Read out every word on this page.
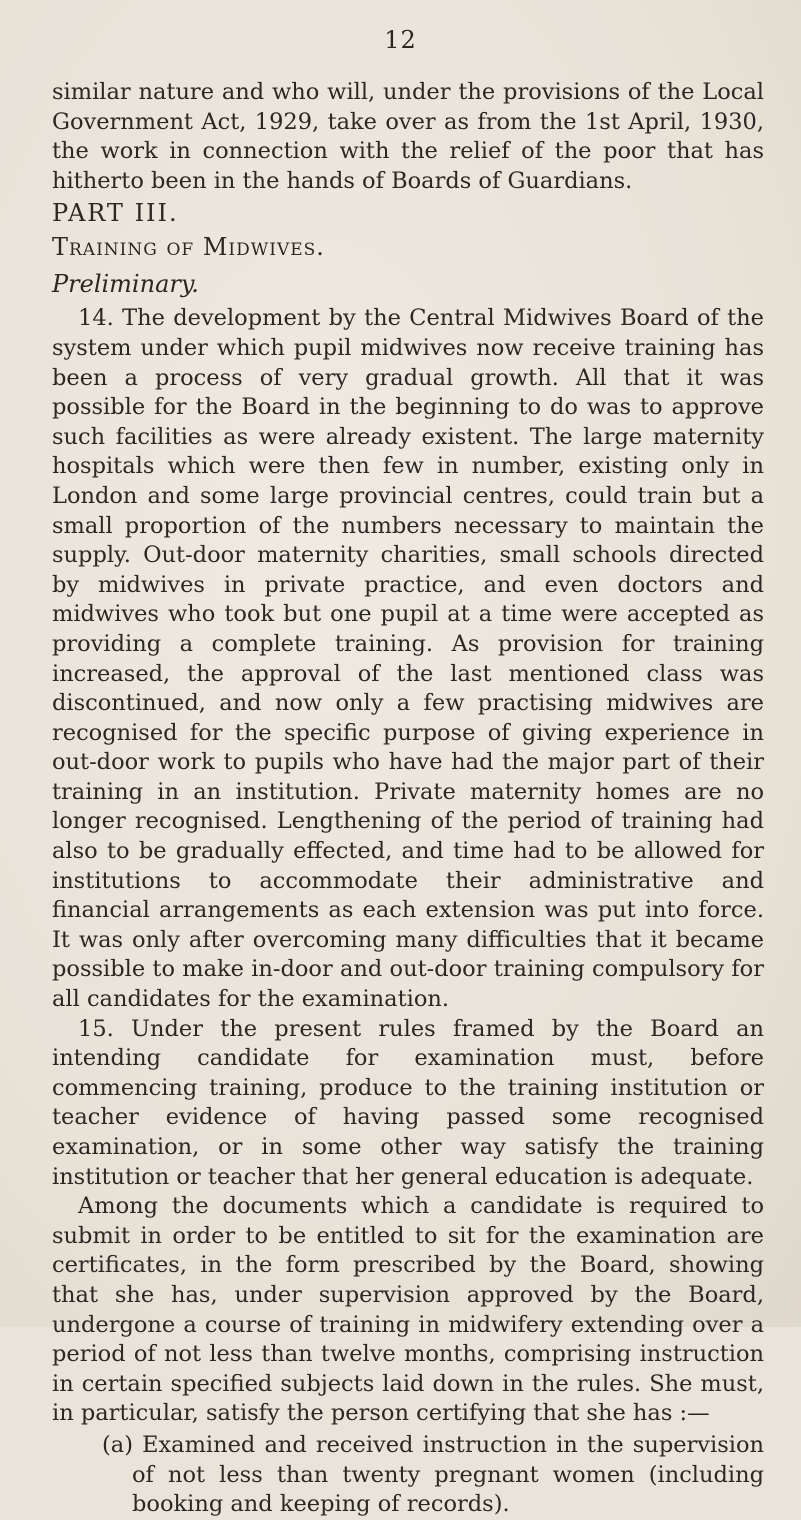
12

similar nature and who will, under the provisions of the Local Government Act, 1929, take over as from the 1st April, 1930, the work in connection with the relief of the poor that has hitherto been in the hands of Boards of Guardians.

PART III.

Training of Midwives.

Preliminary.

14. The development by the Central Midwives Board of the system under which pupil midwives now receive training has been a process of very gradual growth. All that it was possible for the Board in the beginning to do was to approve such facilities as were already existent. The large maternity hospitals which were then few in number, existing only in London and some large provincial centres, could train but a small proportion of the numbers necessary to maintain the supply. Out-door maternity charities, small schools directed by midwives in private practice, and even doctors and midwives who took but one pupil at a time were accepted as providing a complete training. As provision for training increased, the approval of the last mentioned class was discontinued, and now only a few practising midwives are recognised for the specific purpose of giving experience in out-door work to pupils who have had the major part of their training in an institution. Private maternity homes are no longer recognised. Lengthening of the period of training had also to be gradually effected, and time had to be allowed for institutions to accommodate their administrative and financial arrangements as each extension was put into force. It was only after overcoming many difficulties that it became possible to make in-door and out-door training compulsory for all candidates for the examination.

15. Under the present rules framed by the Board an intending candidate for examination must, before commencing training, produce to the training institution or teacher evidence of having passed some recognised examination, or in some other way satisfy the training institution or teacher that her general education is adequate.

Among the documents which a candidate is required to submit in order to be entitled to sit for the examination are certificates, in the form prescribed by the Board, showing that she has, under supervision approved by the Board, undergone a course of training in midwifery extending over a period of not less than twelve months, comprising instruction in certain specified subjects laid down in the rules. She must, in particular, satisfy the person certifying that she has :—

(a) Examined and received instruction in the supervision of not less than twenty pregnant women (including booking and keeping of records).
